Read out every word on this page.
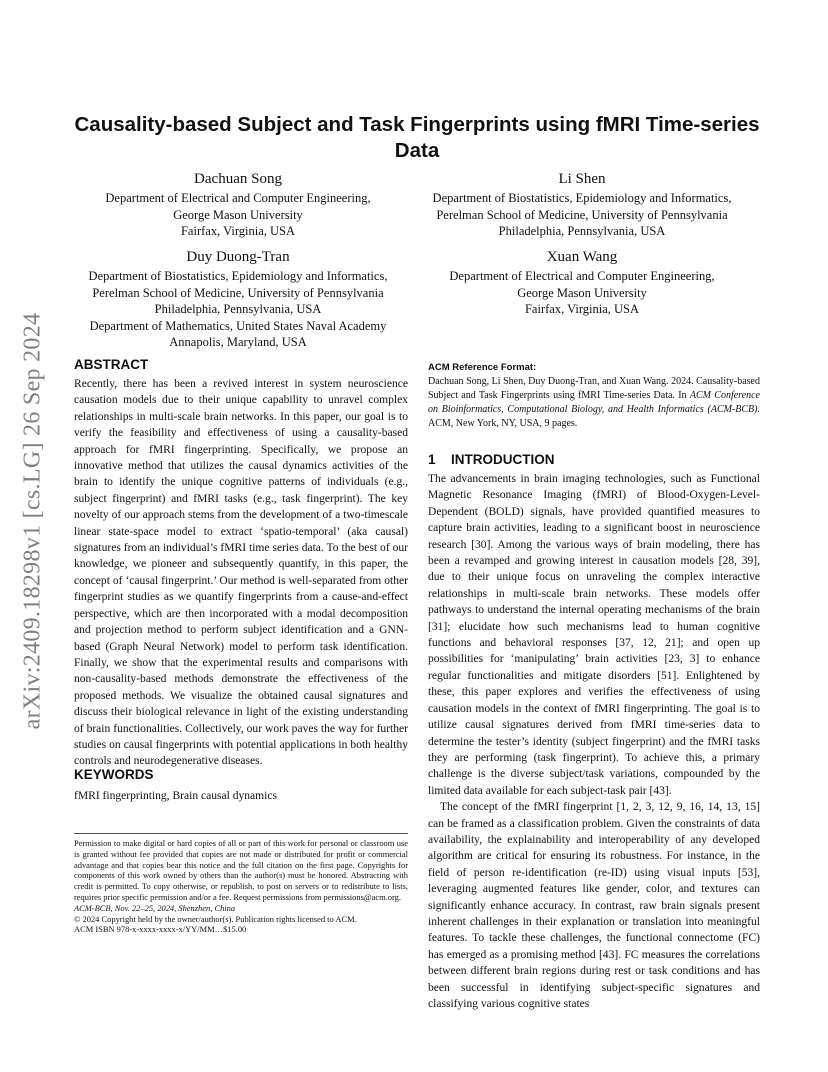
arXiv:2409.18298v1 [cs.LG] 26 Sep 2024
Causality-based Subject and Task Fingerprints using fMRI Time-series Data
Dachuan Song
Department of Electrical and Computer Engineering,
George Mason University
Fairfax, Virginia, USA
Li Shen
Department of Biostatistics, Epidemiology and Informatics,
Perelman School of Medicine, University of Pennsylvania
Philadelphia, Pennsylvania, USA
Duy Duong-Tran
Department of Biostatistics, Epidemiology and Informatics,
Perelman School of Medicine, University of Pennsylvania
Philadelphia, Pennsylvania, USA
Department of Mathematics, United States Naval Academy
Annapolis, Maryland, USA
Xuan Wang
Department of Electrical and Computer Engineering,
George Mason University
Fairfax, Virginia, USA
ABSTRACT

Recently, there has been a revived interest in system neuroscience causation models due to their unique capability to unravel complex relationships in multi-scale brain networks. In this paper, our goal is to verify the feasibility and effectiveness of using a causality-based approach for fMRI fingerprinting. Specifically, we propose an innovative method that utilizes the causal dynamics activities of the brain to identify the unique cognitive patterns of individuals (e.g., subject fingerprint) and fMRI tasks (e.g., task fingerprint). The key novelty of our approach stems from the development of a two-timescale linear state-space model to extract ‘spatio-temporal’ (aka causal) signatures from an individual’s fMRI time series data. To the best of our knowledge, we pioneer and subsequently quantify, in this paper, the concept of ‘causal fingerprint.’ Our method is well-separated from other fingerprint studies as we quantify fingerprints from a cause-and-effect perspective, which are then incorporated with a modal decomposition and projection method to perform subject identification and a GNN-based (Graph Neural Network) model to perform task identification. Finally, we show that the experimental results and comparisons with non-causality-based methods demonstrate the effectiveness of the proposed methods. We visualize the obtained causal signatures and discuss their biological relevance in light of the existing understanding of brain functionalities. Collectively, our work paves the way for further studies on causal fingerprints with potential applications in both healthy controls and neurodegenerative diseases.

KEYWORDS

fMRI fingerprinting, Brain causal dynamics

Permission to make digital or hard copies of all or part of this work for personal or classroom use is granted without fee provided that copies are not made or distributed for profit or commercial advantage and that copies bear this notice and the full citation on the first page. Copyrights for components of this work owned by others than the author(s) must be honored. Abstracting with credit is permitted. To copy otherwise, or republish, to post on servers or to redistribute to lists, requires prior specific permission and/or a fee. Request permissions from permissions@acm.org.

ACM-BCB, Nov. 22–25, 2024, Shenzhen, China

© 2024 Copyright held by the owner/author(s). Publication rights licensed to ACM.

ACM ISBN 978-x-xxxx-xxxx-x/YY/MM…$15.00

ACM Reference Format:

Dachuan Song, Li Shen, Duy Duong-Tran, and Xuan Wang. 2024. Causality-based Subject and Task Fingerprints using fMRI Time-series Data. In ACM Conference on Bioinformatics, Computational Biology, and Health Informatics (ACM-BCB). ACM, New York, NY, USA, 9 pages.

1 INTRODUCTION

The advancements in brain imaging technologies, such as Functional Magnetic Resonance Imaging (fMRI) of Blood-Oxygen-Level-Dependent (BOLD) signals, have provided quantified measures to capture brain activities, leading to a significant boost in neuroscience research [30]. Among the various ways of brain modeling, there has been a revamped and growing interest in causation models [28, 39], due to their unique focus on unraveling the complex interactive relationships in multi-scale brain networks. These models offer pathways to understand the internal operating mechanisms of the brain [31]; elucidate how such mechanisms lead to human cognitive functions and behavioral responses [37, 12, 21]; and open up possibilities for ‘manipulating’ brain activities [23, 3] to enhance regular functionalities and mitigate disorders [51]. Enlightened by these, this paper explores and verifies the effectiveness of using causation models in the context of fMRI fingerprinting. The goal is to utilize causal signatures derived from fMRI time-series data to determine the tester’s identity (subject fingerprint) and the fMRI tasks they are performing (task fingerprint). To achieve this, a primary challenge is the diverse subject/task variations, compounded by the limited data available for each subject-task pair [43].

The concept of the fMRI fingerprint [1, 2, 3, 12, 9, 16, 14, 13, 15] can be framed as a classification problem. Given the constraints of data availability, the explainability and interoperability of any developed algorithm are critical for ensuring its robustness. For instance, in the field of person re-identification (re-ID) using visual inputs [53], leveraging augmented features like gender, color, and textures can significantly enhance accuracy. In contrast, raw brain signals present inherent challenges in their explanation or translation into meaningful features. To tackle these challenges, the functional connectome (FC) has emerged as a promising method [43]. FC measures the correlations between different brain regions during rest or task conditions and has been successful in identifying subject-specific signatures and classifying various cognitive states
